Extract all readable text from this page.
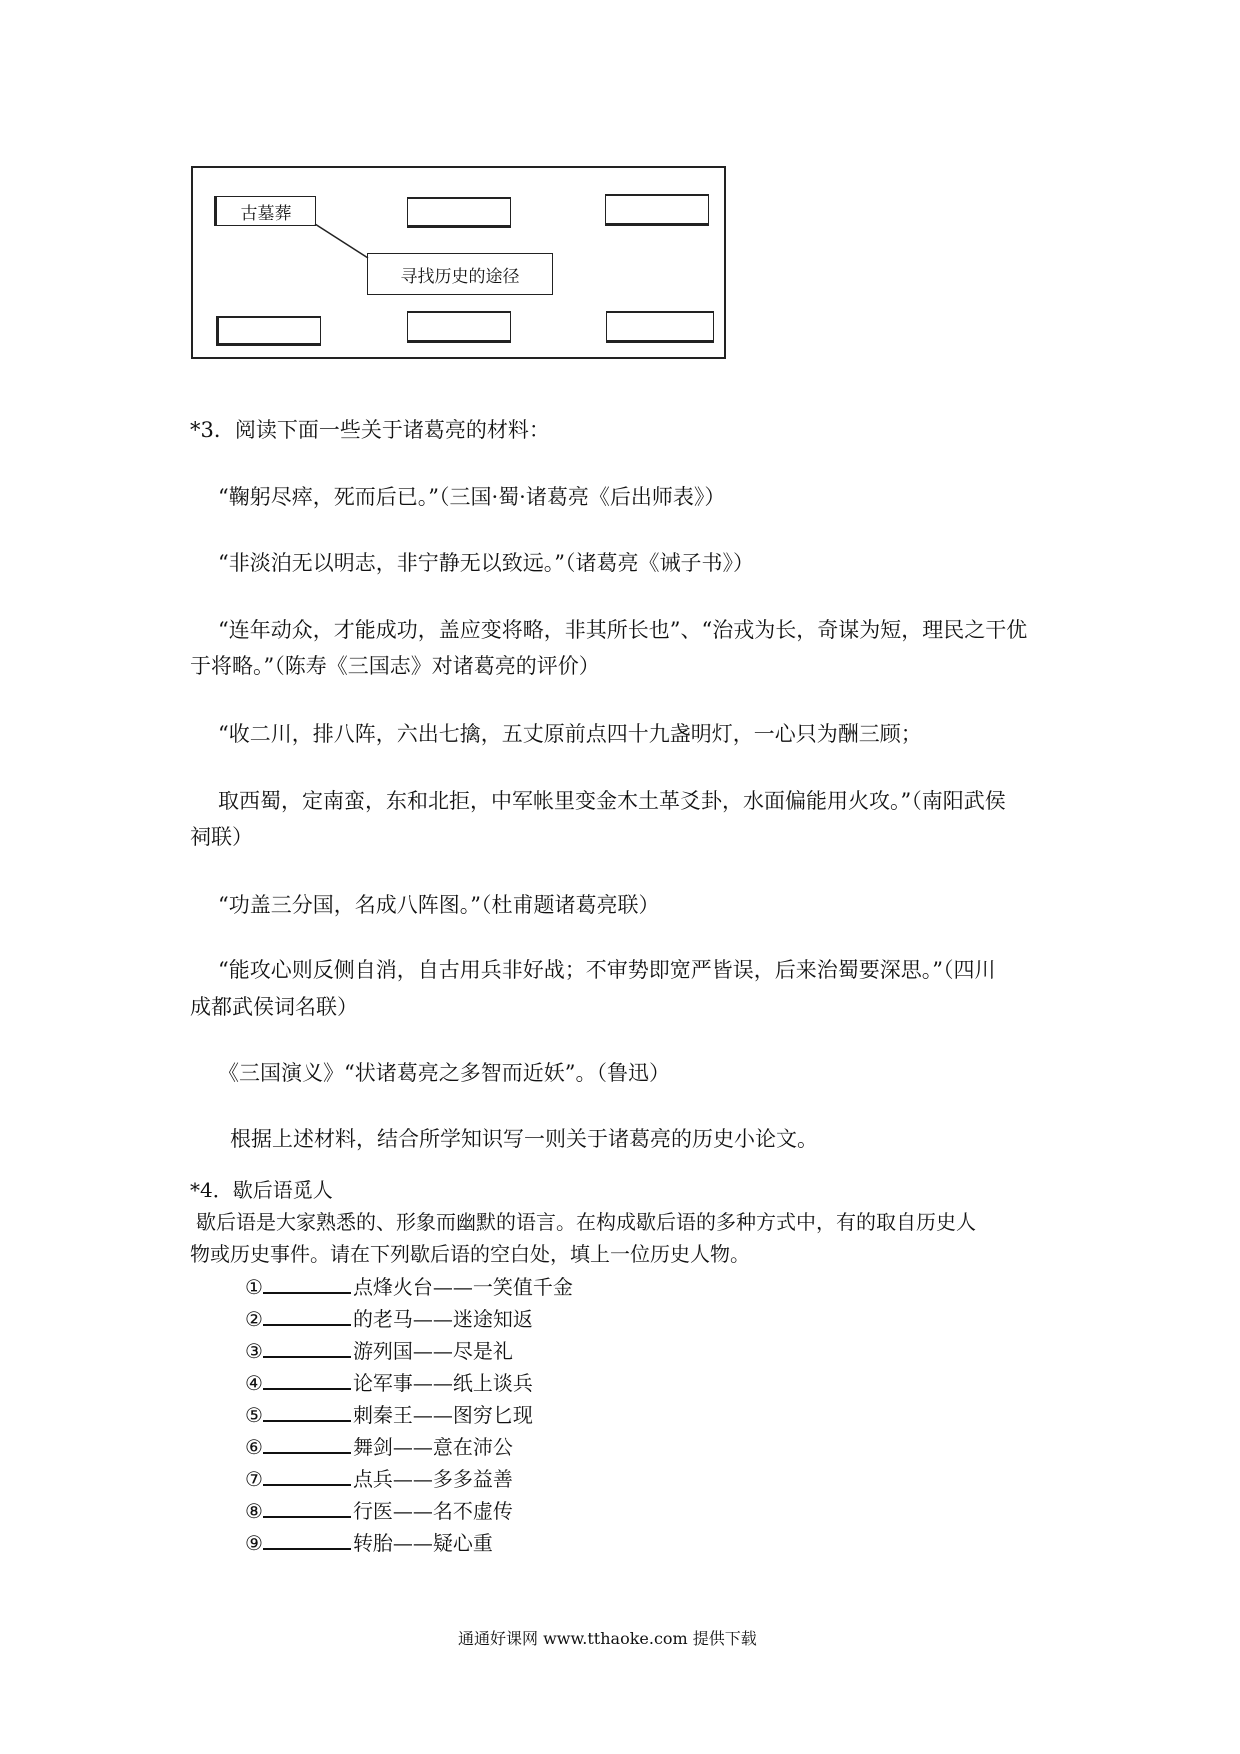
古墓葬
寻找历史的途径
*3．阅读下面一些关于诸葛亮的材料：
“鞠躬尽瘁，死而后已。”（三国·蜀·诸葛亮《后出师表》）
“非淡泊无以明志，非宁静无以致远。”（诸葛亮《诫子书》）
“连年动众，才能成功，盖应变将略，非其所长也”、“治戎为长，奇谋为短，理民之干优
于将略。”（陈寿《三国志》对诸葛亮的评价）
“收二川，排八阵，六出七擒，五丈原前点四十九盏明灯，一心只为酬三顾；
取西蜀，定南蛮，东和北拒，中军帐里变金木土革爻卦，水面偏能用火攻。”（南阳武侯
祠联）
“功盖三分国，名成八阵图。”（杜甫题诸葛亮联）
“能攻心则反侧自消，自古用兵非好战；不审势即宽严皆误，后来治蜀要深思。”（四川
成都武侯词名联）
《三国演义》“状诸葛亮之多智而近妖”。（鲁迅）
根据上述材料，结合所学知识写一则关于诸葛亮的历史小论文。
*4．歇后语觅人
歇后语是大家熟悉的、形象而幽默的语言。在构成歇后语的多种方式中，有的取自历史人
物或历史事件。请在下列歇后语的空白处，填上一位历史人物。
①	点烽火台——一笑值千金
②	的老马——迷途知返
③	游列国——尽是礼
④	论军事——纸上谈兵
⑤	刺秦王——图穷匕现
⑥	舞剑——意在沛公
⑦	点兵——多多益善
⑧	行医——名不虚传
⑨	转胎——疑心重
通通好课网 www.tthaoke.com 提供下载
